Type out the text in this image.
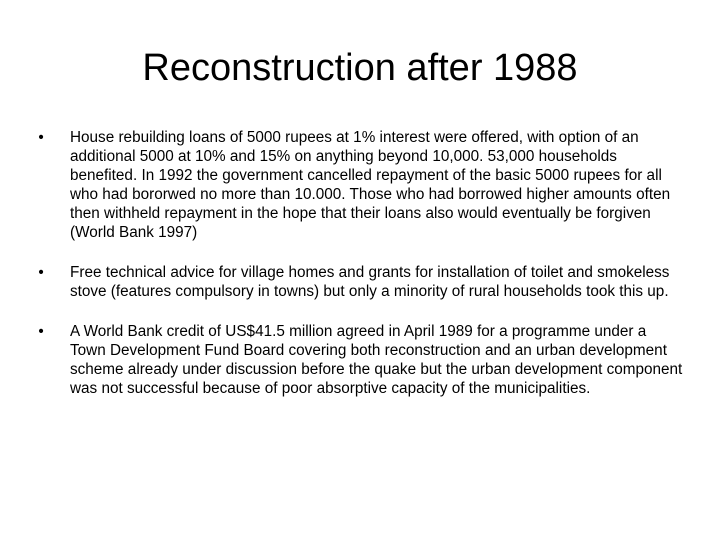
Reconstruction after 1988
• House rebuilding loans of 5000 rupees at 1% interest were offered, with option of an additional 5000 at 10% and 15% on anything beyond 10,000. 53,000 households benefited. In 1992 the government cancelled repayment of the basic 5000 rupees for all who had bororwed no more than 10.000. Those who had borrowed higher amounts often then withheld repayment in the hope that their loans also would eventually be forgiven (World Bank 1997)
• Free technical advice for village homes and grants for installation of toilet and smokeless stove (features compulsory in towns) but only a minority of rural households took this up.
• A World Bank credit of US$41.5 million agreed in April 1989 for a programme under a Town Development Fund Board covering both reconstruction and an urban development scheme already under discussion before the quake but the urban development component was not successful because of poor absorptive capacity of the municipalities.
